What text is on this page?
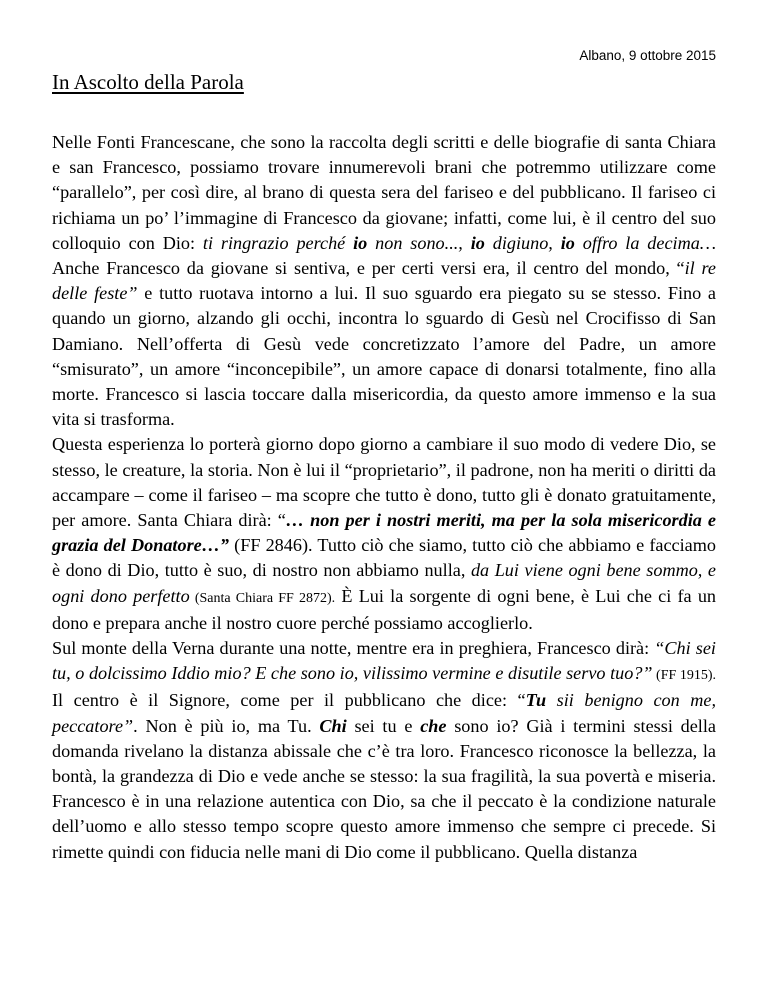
Albano, 9 ottobre 2015
In Ascolto della Parola

Nelle Fonti Francescane, che sono la raccolta degli scritti e delle biografie di santa Chiara e san Francesco, possiamo trovare innumerevoli brani che potremmo utilizzare come “parallelo”, per così dire, al brano di questa sera del fariseo e del pubblicano. Il fariseo ci richiama un po’ l’immagine di Francesco da giovane; infatti, come lui, è il centro del suo colloquio con Dio: ti ringrazio perché io non sono..., io digiuno, io offro la decima… Anche Francesco da giovane si sentiva, e per certi versi era, il centro del mondo, “il re delle feste” e tutto ruotava intorno a lui. Il suo sguardo era piegato su se stesso. Fino a quando un giorno, alzando gli occhi, incontra lo sguardo di Gesù nel Crocifisso di San Damiano. Nell’offerta di Gesù vede concretizzato l’amore del Padre, un amore “smisurato”, un amore “inconcepibile”, un amore capace di donarsi totalmente, fino alla morte. Francesco si lascia toccare dalla misericordia, da questo amore immenso e la sua vita si trasforma.

Questa esperienza lo porterà giorno dopo giorno a cambiare il suo modo di vedere Dio, se stesso, le creature, la storia. Non è lui il “proprietario”, il padrone, non ha meriti o diritti da accampare – come il fariseo – ma scopre che tutto è dono, tutto gli è donato gratuitamente, per amore. Santa Chiara dirà: “… non per i nostri meriti, ma per la sola misericordia e grazia del Donatore…” (FF 2846). Tutto ciò che siamo, tutto ciò che abbiamo e facciamo è dono di Dio, tutto è suo, di nostro non abbiamo nulla, da Lui viene ogni bene sommo, e ogni dono perfetto (Santa Chiara FF 2872). È Lui la sorgente di ogni bene, è Lui che ci fa un dono e prepara anche il nostro cuore perché possiamo accoglierlo.

Sul monte della Verna durante una notte, mentre era in preghiera, Francesco dirà: “Chi sei tu, o dolcissimo Iddio mio? E che sono io, vilissimo vermine e disutile servo tuo?” (FF 1915). Il centro è il Signore, come per il pubblicano che dice: “Tu sii benigno con me, peccatore”. Non è più io, ma Tu. Chi sei tu e che sono io? Già i termini stessi della domanda rivelano la distanza abissale che c’è tra loro. Francesco riconosce la bellezza, la bontà, la grandezza di Dio e vede anche se stesso: la sua fragilità, la sua povertà e miseria. Francesco è in una relazione autentica con Dio, sa che il peccato è la condizione naturale dell’uomo e allo stesso tempo scopre questo amore immenso che sempre ci precede. Si rimette quindi con fiducia nelle mani di Dio come il pubblicano. Quella distanza
